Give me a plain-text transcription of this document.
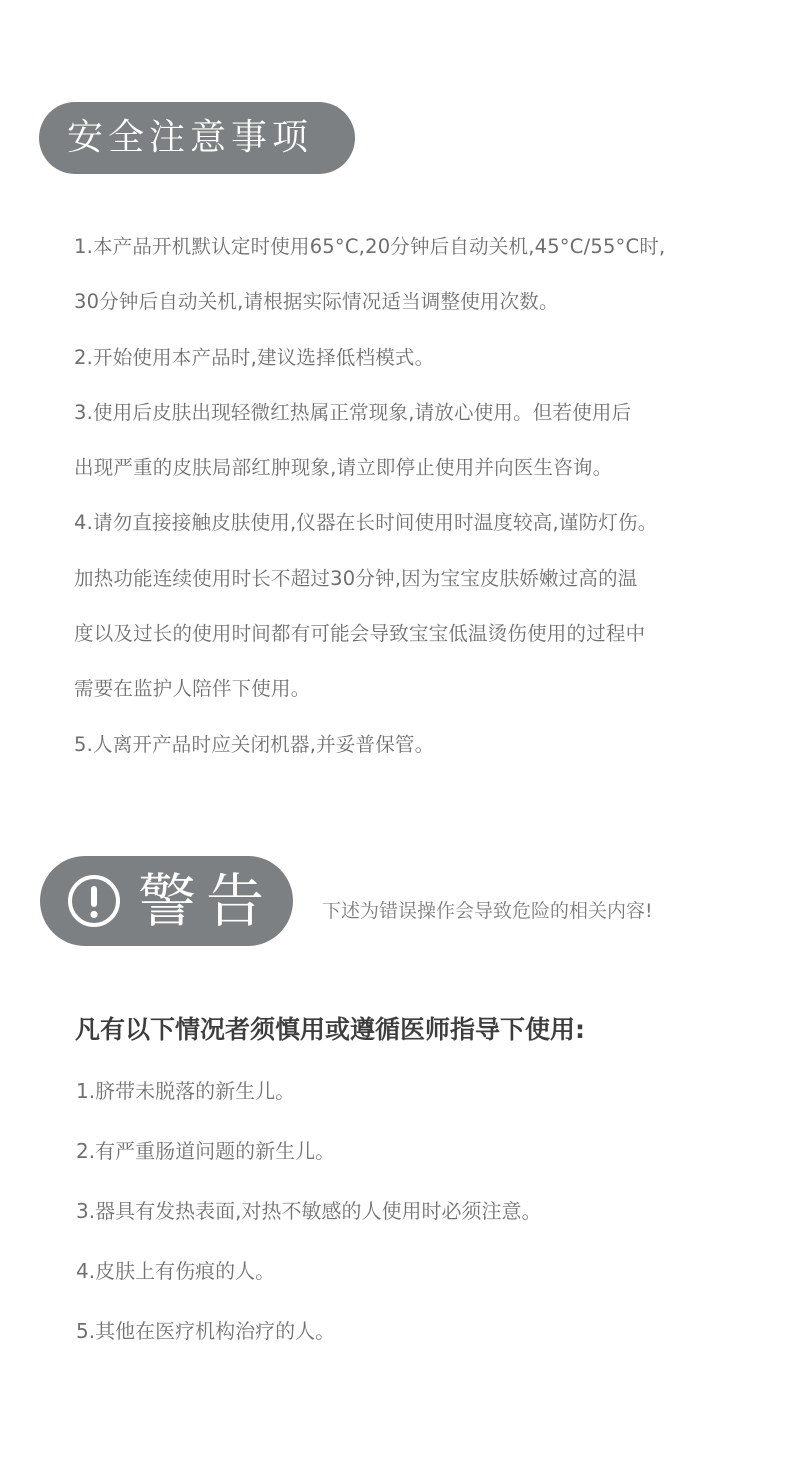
安全注意事项
1.本产品开机默认定时使用65°C,20分钟后自动关机,45°C/55°C时,
30分钟后自动关机,请根据实际情况适当调整使用次数。
2.开始使用本产品时,建议选择低档模式。
3.使用后皮肤出现轻微红热属正常现象,请放心使用。但若使用后
出现严重的皮肤局部红肿现象,请立即停止使用并向医生咨询。
4.请勿直接接触皮肤使用,仪器在长时间使用时温度较高,谨防灯伤。
加热功能连续使用时长不超过30分钟,因为宝宝皮肤娇嫩过高的温
度以及过长的使用时间都有可能会导致宝宝低温烫伤使用的过程中
需要在监护人陪伴下使用。
5.人离开产品时应关闭机器,并妥普保管。
警告	下述为错误操作会导致危险的相关内容!
凡有以下情况者须慎用或遵循医师指导下使用:
1.脐带未脱落的新生儿。
2.有严重肠道问题的新生儿。
3.器具有发热表面,对热不敏感的人使用时必须注意。
4.皮肤上有伤痕的人。
5.其他在医疗机构治疗的人。
